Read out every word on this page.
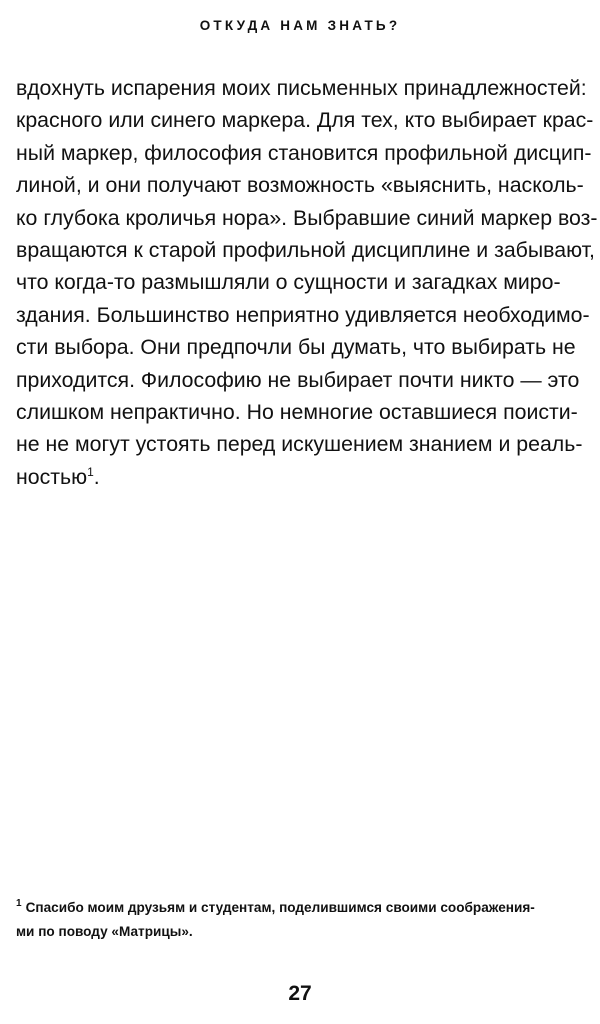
ОТКУДА НАМ ЗНАТЬ?
вдохнуть испарения моих письменных принадлежностей:
красного или синего маркера. Для тех, кто выбирает крас-
ный маркер, философия становится профильной дисцип-
линой, и они получают возможность «выяснить, насколь-
ко глубока кроличья нора». Выбравшие синий маркер воз-
вращаются к старой профильной дисциплине и забывают,
что когда-то размышляли о сущности и загадках миро-
здания. Большинство неприятно удивляется необходимо-
сти выбора. Они предпочли бы думать, что выбирать не
приходится. Философию не выбирает почти никто — это
слишком непрактично. Но немногие оставшиеся поисти-
не не могут устоять перед искушением знанием и реаль-
ностью$^1$.
$^1$ Спасибо моим друзьям и студентам, поделившимся своими соображения-
ми по поводу «Матрицы».
27
